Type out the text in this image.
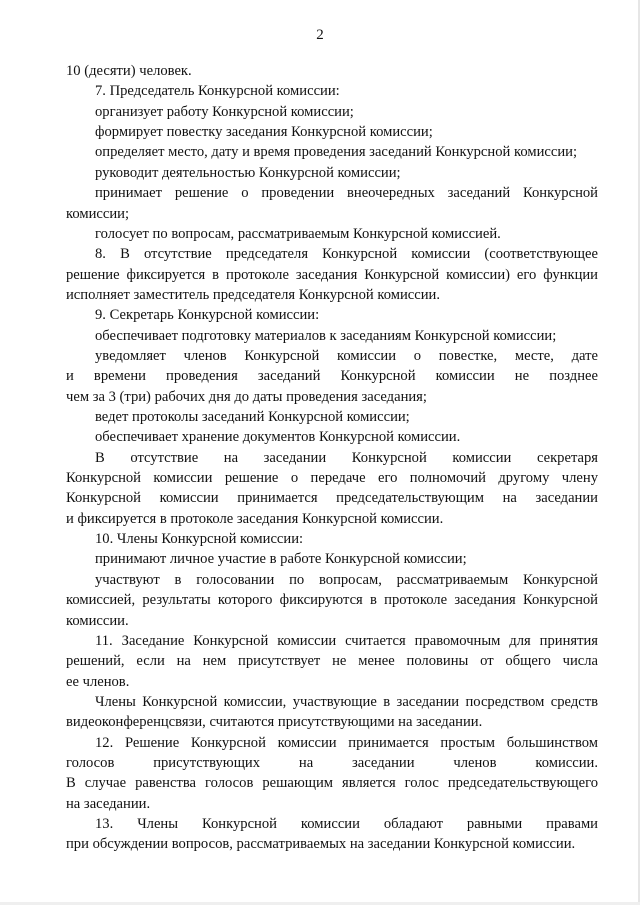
2
10 (десяти) человек.
7. Председатель Конкурсной комиссии:
организует работу Конкурсной комиссии;
формирует повестку заседания Конкурсной комиссии;
определяет место, дату и время проведения заседаний Конкурсной комиссии;
руководит деятельностью Конкурсной комиссии;
принимает решение о проведении внеочередных заседаний Конкурсной
комиссии;
голосует по вопросам, рассматриваемым Конкурсной комиссией.
8. В отсутствие председателя Конкурсной комиссии (соответствующее
решение фиксируется в протоколе заседания Конкурсной комиссии) его функции
исполняет заместитель председателя Конкурсной комиссии.
9. Секретарь Конкурсной комиссии:
обеспечивает подготовку материалов к заседаниям Конкурсной комиссии;
уведомляет членов Конкурсной комиссии о повестке, месте, дате
и времени проведения заседаний Конкурсной комиссии не позднее
чем за 3 (три) рабочих дня до даты проведения заседания;
ведет протоколы заседаний Конкурсной комиссии;
обеспечивает хранение документов Конкурсной комиссии.
В отсутствие на заседании Конкурсной комиссии секретаря
Конкурсной комиссии решение о передаче его полномочий другому члену
Конкурсной комиссии принимается председательствующим на заседании
и фиксируется в протоколе заседания Конкурсной комиссии.
10. Члены Конкурсной комиссии:
принимают личное участие в работе Конкурсной комиссии;
участвуют в голосовании по вопросам, рассматриваемым Конкурсной
комиссией, результаты которого фиксируются в протоколе заседания Конкурсной
комиссии.
11. Заседание Конкурсной комиссии считается правомочным для принятия
решений, если на нем присутствует не менее половины от общего числа
ее членов.
Члены Конкурсной комиссии, участвующие в заседании посредством средств
видеоконференцсвязи, считаются присутствующими на заседании.
12. Решение Конкурсной комиссии принимается простым большинством
голосов присутствующих на заседании членов комиссии.
В случае равенства голосов решающим является голос председательствующего
на заседании.
13. Члены Конкурсной комиссии обладают равными правами
при обсуждении вопросов, рассматриваемых на заседании Конкурсной комиссии.
